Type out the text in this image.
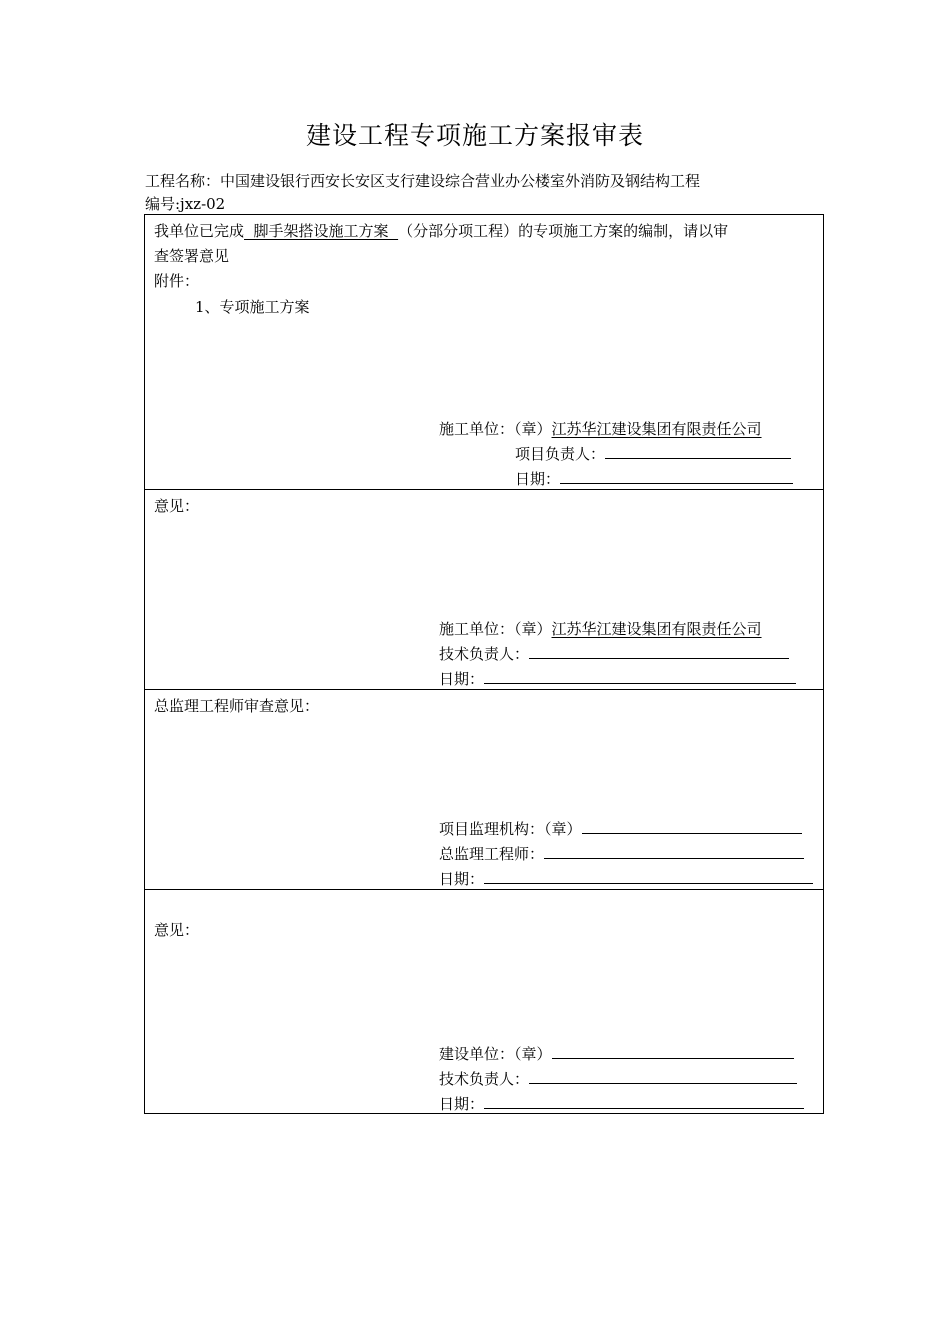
建设工程专项施工方案报审表
工程名称：中国建设银行西安长安区支行建设综合营业办公楼室外消防及钢结构工程
编号:jxz-02
我单位已完成  脚手架搭设施工方案  （分部分项工程）的专项施工方案的编制，请以审
查签署意见
附件：
1、专项施工方案
施工单位：（章）江苏华江建设集团有限责任公司
项目负责人：
日期：
意见：
施工单位：（章）江苏华江建设集团有限责任公司
技术负责人：
日期：
总监理工程师审查意见：
项目监理机构：（章）
总监理工程师：
日期：
意见：
建设单位：（章）
技术负责人：
日期：
